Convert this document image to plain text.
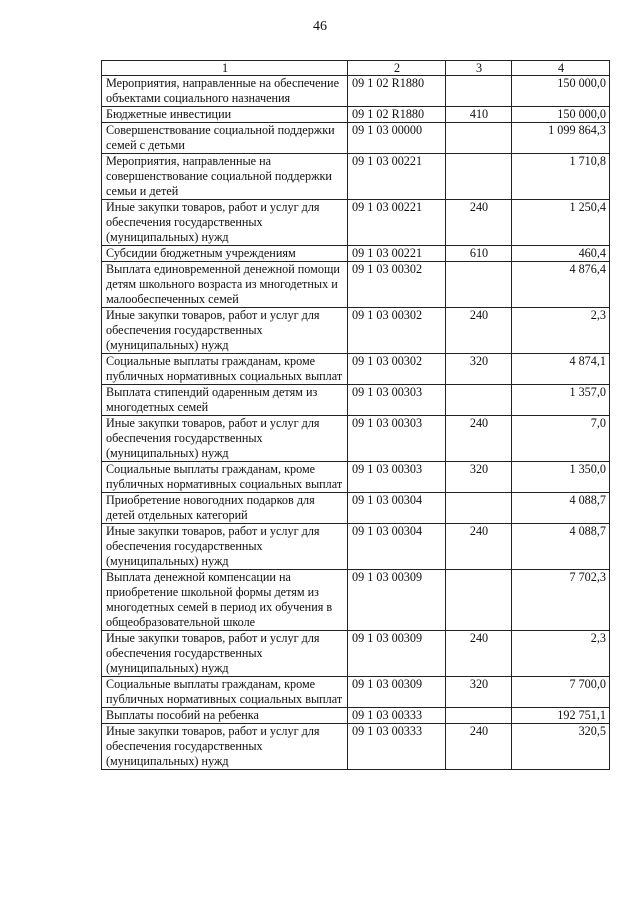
46
1	2	3	4
Мероприятия, направленные на обеспечение объектами социального назначения	09 1 02 R1880		150 000,0
Бюджетные инвестиции	09 1 02 R1880	410	150 000,0
Совершенствование социальной поддержки семей с детьми	09 1 03 00000		1 099 864,3
Мероприятия, направленные на совершенствование социальной поддержки семьи и детей	09 1 03 00221		1 710,8
Иные закупки товаров, работ и услуг для обеспечения государственных (муниципальных) нужд	09 1 03 00221	240	1 250,4
Субсидии бюджетным учреждениям	09 1 03 00221	610	460,4
Выплата единовременной денежной помощи детям школьного возраста из многодетных и малообеспеченных семей	09 1 03 00302		4 876,4
Иные закупки товаров, работ и услуг для обеспечения государственных (муниципальных) нужд	09 1 03 00302	240	2,3
Социальные выплаты гражданам, кроме публичных нормативных социальных выплат	09 1 03 00302	320	4 874,1
Выплата стипендий одаренным детям из многодетных семей	09 1 03 00303		1 357,0
Иные закупки товаров, работ и услуг для обеспечения государственных (муниципальных) нужд	09 1 03 00303	240	7,0
Социальные выплаты гражданам, кроме публичных нормативных социальных выплат	09 1 03 00303	320	1 350,0
Приобретение новогодних подарков для детей отдельных категорий	09 1 03 00304		4 088,7
Иные закупки товаров, работ и услуг для обеспечения государственных (муниципальных) нужд	09 1 03 00304	240	4 088,7
Выплата денежной компенсации на приобретение школьной формы детям из многодетных семей в период их обучения в общеобразовательной школе	09 1 03 00309		7 702,3
Иные закупки товаров, работ и услуг для обеспечения государственных (муниципальных) нужд	09 1 03 00309	240	2,3
Социальные выплаты гражданам, кроме публичных нормативных социальных выплат	09 1 03 00309	320	7 700,0
Выплаты пособий на ребенка	09 1 03 00333		192 751,1
Иные закупки товаров, работ и услуг для обеспечения государственных (муниципальных) нужд	09 1 03 00333	240	320,5
